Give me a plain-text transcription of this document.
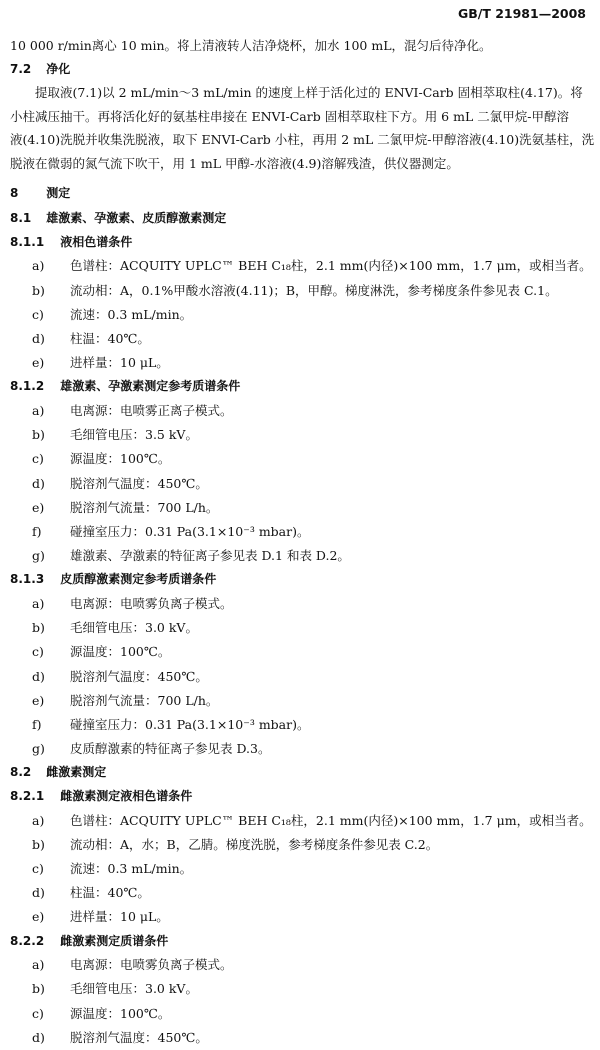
GB/T 21981—2008

10 000 r/min离心 10 min。将上清液转人洁净烧杯，加水 100 mL，混匀后待净化。

7.2 净化

提取液(7.1)以 2 mL/min～3 mL/min 的速度上样于活化过的 ENVI-Carb 固相萃取柱(4.17)。将

小柱减压抽干。再将活化好的氨基柱串接在 ENVI-Carb 固相萃取柱下方。用 6 mL 二氯甲烷-甲醇溶

液(4.10)洗脱并收集洗脱液，取下 ENVI-Carb 小柱，再用 2 mL 二氯甲烷-甲醇溶液(4.10)洗氨基柱，洗

脱液在微弱的氮气流下吹干，用 1 mL 甲醇-水溶液(4.9)溶解残渣，供仪器测定。

8 测定
8.1 雄激素、孕激素、皮质醇激素测定
8.1.1 液相色谱条件

a) 色谱柱：ACQUITY UPLC™ BEH C₁₈柱，2.1 mm(内径)×100 mm，1.7 μm，或相当者。

b) 流动相：A，0.1%甲酸水溶液(4.11)；B，甲醇。梯度淋洗，参考梯度条件参见表 C.1。

c) 流速：0.3 mL/min。

d) 柱温：40℃。

e) 进样量：10 μL。

8.1.2 雄激素、孕激素测定参考质谱条件

a) 电离源：电喷雾正离子模式。

b) 毛细管电压：3.5 kV。

c) 源温度：100℃。

d) 脱溶剂气温度：450℃。

e) 脱溶剂气流量：700 L/h。

f) 碰撞室压力：0.31 Pa(3.1×10⁻³ mbar)。

g) 雄激素、孕激素的特征离子参见表 D.1 和表 D.2。

8.1.3 皮质醇激素测定参考质谱条件

a) 电离源：电喷雾负离子模式。

b) 毛细管电压：3.0 kV。

c) 源温度：100℃。

d) 脱溶剂气温度：450℃。

e) 脱溶剂气流量：700 L/h。

f) 碰撞室压力：0.31 Pa(3.1×10⁻³ mbar)。

g) 皮质醇激素的特征离子参见表 D.3。

8.2 雌激素测定
8.2.1 雌激素测定液相色谱条件

a) 色谱柱：ACQUITY UPLC™ BEH C₁₈柱，2.1 mm(内径)×100 mm，1.7 μm，或相当者。

b) 流动相：A，水；B，乙腈。梯度洗脱，参考梯度条件参见表 C.2。

c) 流速：0.3 mL/min。

d) 柱温：40℃。

e) 进样量：10 μL。

8.2.2 雌激素测定质谱条件

a) 电离源：电喷雾负离子模式。

b) 毛细管电压：3.0 kV。

c) 源温度：100℃。

d) 脱溶剂气温度：450℃。
